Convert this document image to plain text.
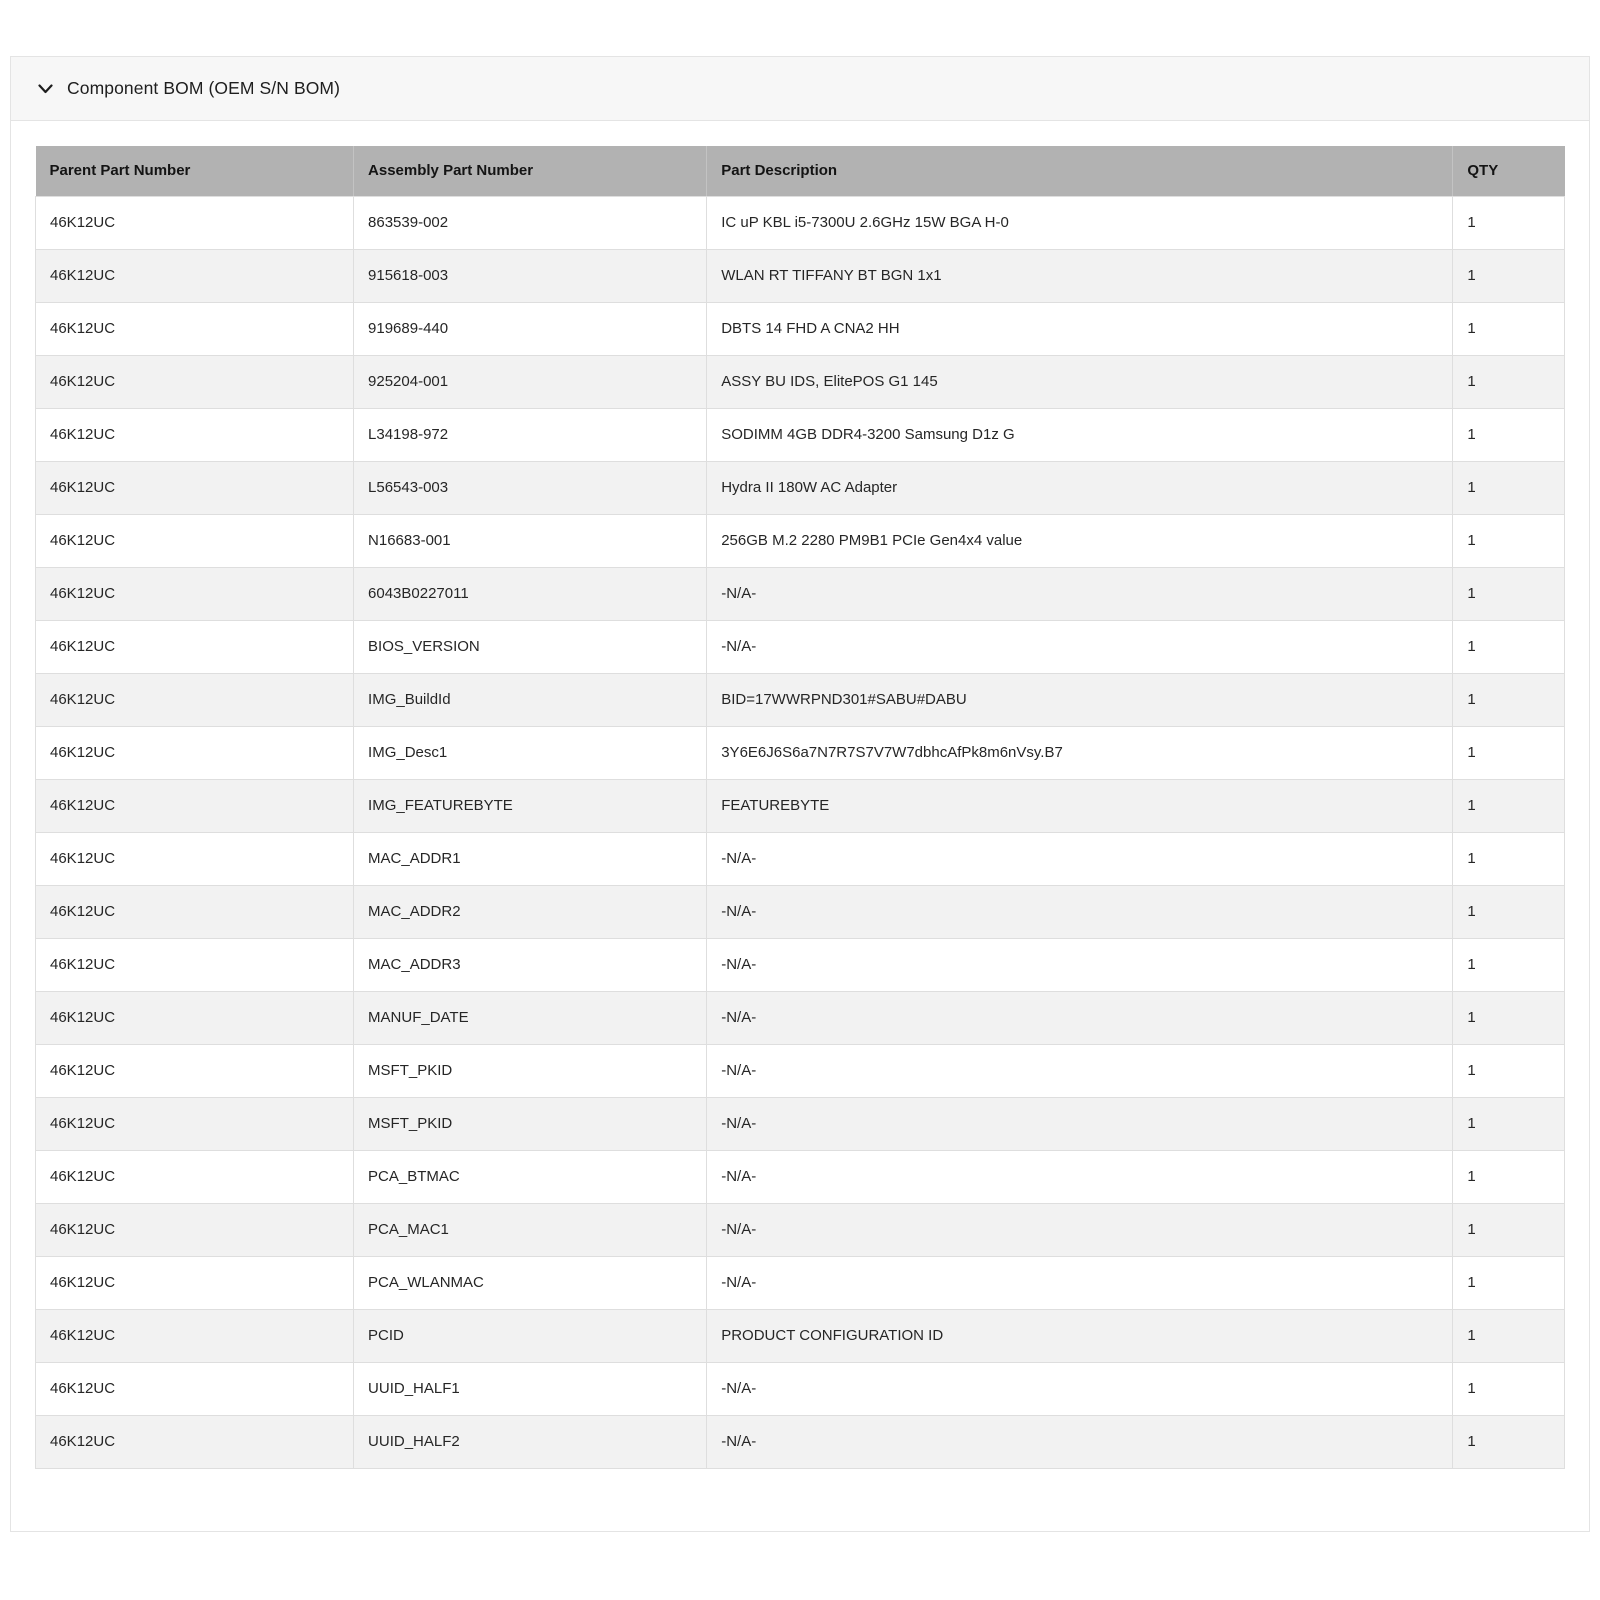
Component BOM (OEM S/N BOM)
Parent Part Number	Assembly Part Number	Part Description	QTY
46K12UC	863539-002	IC uP KBL i5-7300U 2.6GHz 15W BGA H-0	1
46K12UC	915618-003	WLAN RT TIFFANY BT BGN 1x1	1
46K12UC	919689-440	DBTS 14 FHD A CNA2 HH	1
46K12UC	925204-001	ASSY BU IDS, ElitePOS G1 145	1
46K12UC	L34198-972	SODIMM 4GB DDR4-3200 Samsung D1z G	1
46K12UC	L56543-003	Hydra II 180W AC Adapter	1
46K12UC	N16683-001	256GB M.2 2280 PM9B1 PCIe Gen4x4 value	1
46K12UC	6043B0227011	-N/A-	1
46K12UC	BIOS_VERSION	-N/A-	1
46K12UC	IMG_BuildId	BID=17WWRPND301#SABU#DABU	1
46K12UC	IMG_Desc1	3Y6E6J6S6a7N7R7S7V7W7dbhcAfPk8m6nVsy.B7	1
46K12UC	IMG_FEATUREBYTE	FEATUREBYTE	1
46K12UC	MAC_ADDR1	-N/A-	1
46K12UC	MAC_ADDR2	-N/A-	1
46K12UC	MAC_ADDR3	-N/A-	1
46K12UC	MANUF_DATE	-N/A-	1
46K12UC	MSFT_PKID	-N/A-	1
46K12UC	MSFT_PKID	-N/A-	1
46K12UC	PCA_BTMAC	-N/A-	1
46K12UC	PCA_MAC1	-N/A-	1
46K12UC	PCA_WLANMAC	-N/A-	1
46K12UC	PCID	PRODUCT CONFIGURATION ID	1
46K12UC	UUID_HALF1	-N/A-	1
46K12UC	UUID_HALF2	-N/A-	1
